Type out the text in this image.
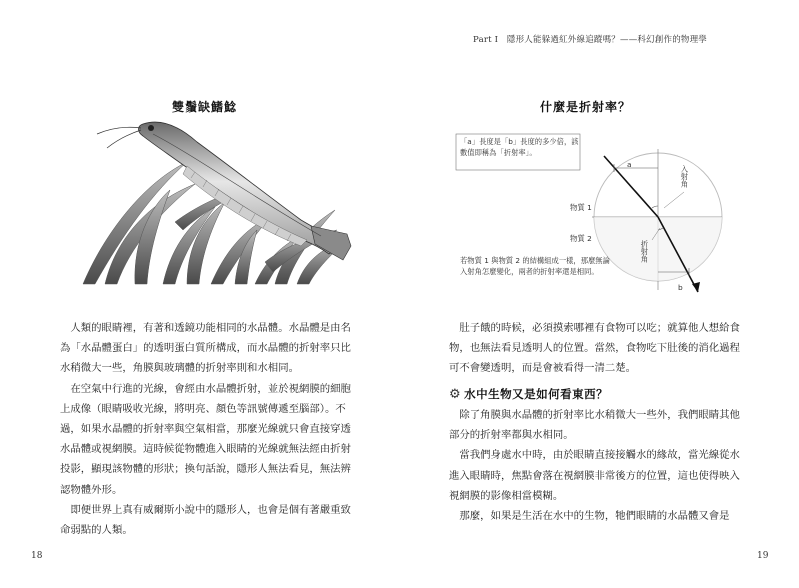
Part I　隱形人能躲過紅外線追蹤嗎？——科幻創作的物理學
雙鬚缺鰭鯰

人類的眼睛裡，有著和透鏡功能相同的水晶體。水晶體是由名為「水晶體蛋白」的透明蛋白質所構成，而水晶體的折射率只比水稍微大一些，角膜與玻璃體的折射率則和水相同。

在空氣中行進的光線，會經由水晶體折射，並於視網膜的細胞上成像（眼睛吸收光線，將明亮、顏色等訊號傳遞至腦部）。不過，如果水晶體的折射率與空氣相當，那麼光線就只會直接穿透水晶體或視網膜。這時候從物體進入眼睛的光線就無法經由折射投影，顯現該物體的形狀；換句話說，隱形人無法看見，無法辨認物體外形。

即便世界上真有威爾斯小說中的隱形人，也會是個有著嚴重致命弱點的人類。

18
什麼是折射率？
「a」長度是「b」長度的多少倍，該數值即稱為「折射率」。
a
b
物質 1
物質 2
入射角
折射角
若物質 1 與物質 2 的結構組成一樣，那麼無論入射角怎麼變化，兩者的折射率還是相同。

肚子餓的時候，必須摸索哪裡有食物可以吃；就算他人想給食物，也無法看見透明人的位置。當然，食物吃下肚後的消化過程可不會變透明，而是會被看得一清二楚。

⚙ 水中生物又是如何看東西？

除了角膜與水晶體的折射率比水稍微大一些外，我們眼睛其他部分的折射率都與水相同。

當我們身處水中時，由於眼睛直接接觸水的緣故，當光線從水進入眼睛時，焦點會落在視網膜非常後方的位置，這也使得映入視網膜的影像相當模糊。

那麼，如果是生活在水中的生物，牠們眼睛的水晶體又會是

19
